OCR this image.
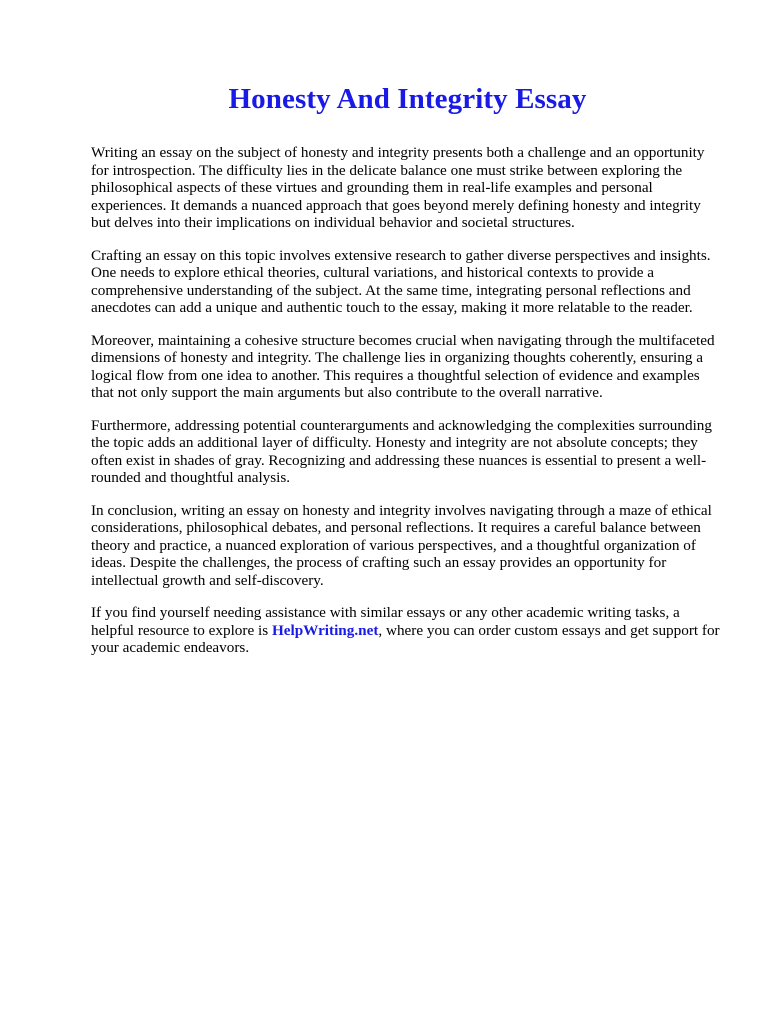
Honesty And Integrity Essay

Writing an essay on the subject of honesty and integrity presents both a challenge and an opportunity for introspection. The difficulty lies in the delicate balance one must strike between exploring the philosophical aspects of these virtues and grounding them in real-life examples and personal experiences. It demands a nuanced approach that goes beyond merely defining honesty and integrity but delves into their implications on individual behavior and societal structures.

Crafting an essay on this topic involves extensive research to gather diverse perspectives and insights. One needs to explore ethical theories, cultural variations, and historical contexts to provide a comprehensive understanding of the subject. At the same time, integrating personal reflections and anecdotes can add a unique and authentic touch to the essay, making it more relatable to the reader.

Moreover, maintaining a cohesive structure becomes crucial when navigating through the multifaceted dimensions of honesty and integrity. The challenge lies in organizing thoughts coherently, ensuring a logical flow from one idea to another. This requires a thoughtful selection of evidence and examples that not only support the main arguments but also contribute to the overall narrative.

Furthermore, addressing potential counterarguments and acknowledging the complexities surrounding the topic adds an additional layer of difficulty. Honesty and integrity are not absolute concepts; they often exist in shades of gray. Recognizing and addressing these nuances is essential to present a well-rounded and thoughtful analysis.

In conclusion, writing an essay on honesty and integrity involves navigating through a maze of ethical considerations, philosophical debates, and personal reflections. It requires a careful balance between theory and practice, a nuanced exploration of various perspectives, and a thoughtful organization of ideas. Despite the challenges, the process of crafting such an essay provides an opportunity for intellectual growth and self-discovery.

If you find yourself needing assistance with similar essays or any other academic writing tasks, a helpful resource to explore is HelpWriting.net, where you can order custom essays and get support for your academic endeavors.
